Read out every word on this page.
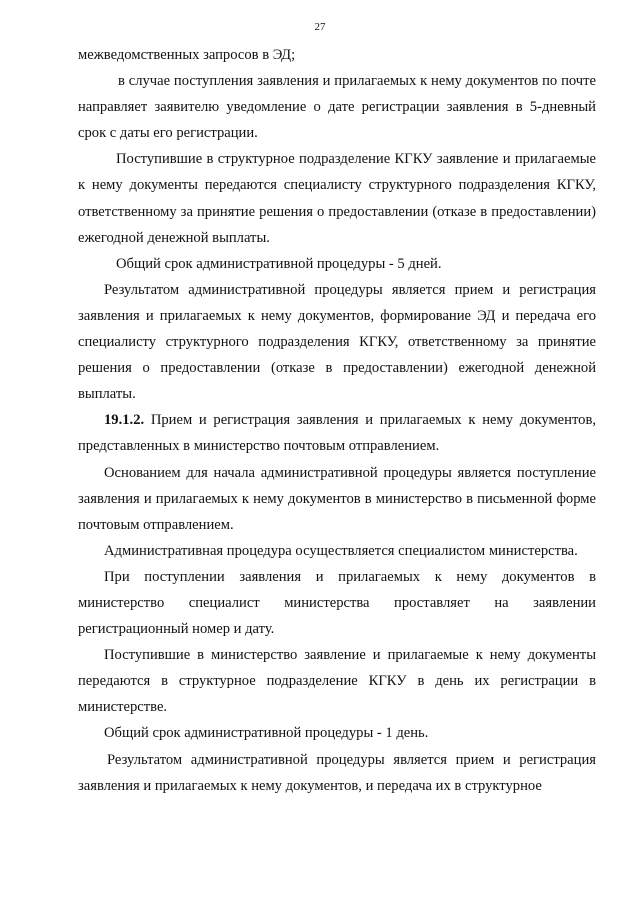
27

межведомственных запросов в ЭД;

в случае поступления заявления и прилагаемых к нему документов по почте направляет заявителю уведомление о дате регистрации заявления в 5-дневный срок с даты его регистрации.

Поступившие в структурное подразделение КГКУ заявление и прилагаемые к нему документы передаются специалисту структурного подразделения КГКУ, ответственному за принятие решения о предоставлении (отказе в предоставлении) ежегодной денежной выплаты.

Общий срок административной процедуры - 5 дней.

Результатом административной процедуры является прием и регистрация заявления и прилагаемых к нему документов, формирование ЭД и передача его специалисту структурного подразделения КГКУ, ответственному за принятие решения о предоставлении (отказе в предоставлении) ежегодной денежной выплаты.

19.1.2. Прием и регистрация заявления и прилагаемых к нему документов, представленных в министерство почтовым отправлением.

Основанием для начала административной процедуры является поступление заявления и прилагаемых к нему документов в министерство в письменной форме почтовым отправлением.

Административная процедура осуществляется специалистом министерства.

При поступлении заявления и прилагаемых к нему документов в министерство специалист министерства проставляет на заявлении регистрационный номер и дату.

Поступившие в министерство заявление и прилагаемые к нему документы передаются в структурное подразделение КГКУ в день их регистрации в министерстве.

Общий срок административной процедуры - 1 день.

Результатом административной процедуры является прием и регистрация заявления и прилагаемых к нему документов, и передача их в структурное
